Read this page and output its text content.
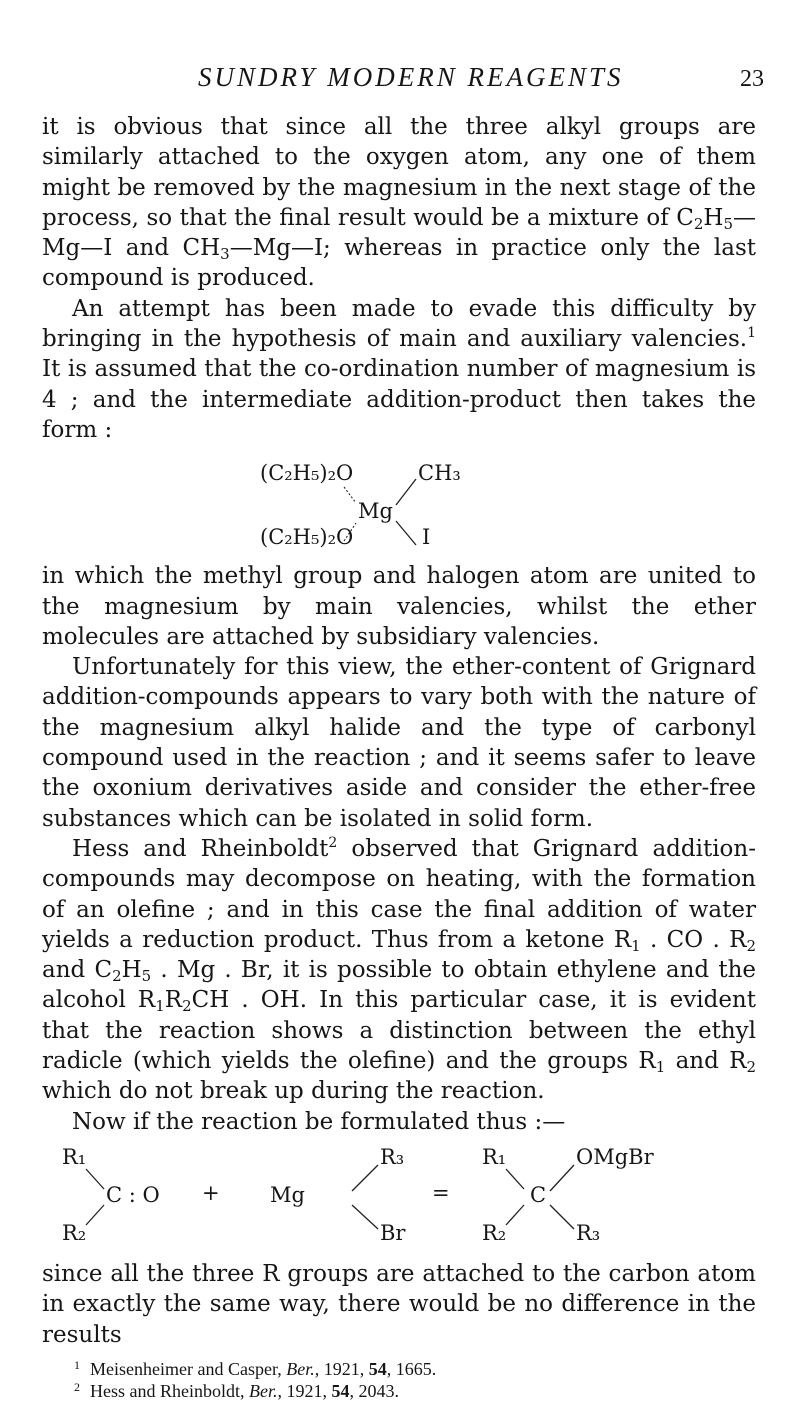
SUNDRY MODERN REAGENTS	23

it is obvious that since all the three alkyl groups are similarly attached to the oxygen atom, any one of them might be removed by the magnesium in the next stage of the process, so that the final result would be a mixture of $C_2H_5—Mg—I$ and $CH_3—Mg—I$; whereas in practice only the last compound is produced.

An attempt has been made to evade this difficulty by bringing in the hypothesis of main and auxiliary valencies.$^1$ It is assumed that the co-ordination number of magnesium is 4 ; and the intermediate addition-product then takes the form :

(C₂H₅)₂O
(C₂H₅)₂O
Mg
CH₃
I

in which the methyl group and halogen atom are united to the magnesium by main valencies, whilst the ether molecules are attached by subsidiary valencies.

Unfortunately for this view, the ether-content of Grignard addition-compounds appears to vary both with the nature of the magnesium alkyl halide and the type of carbonyl compound used in the reaction ; and it seems safer to leave the oxonium derivatives aside and consider the ether-free substances which can be isolated in solid form.

Hess and Rheinboldt$^2$ observed that Grignard addition-compounds may decompose on heating, with the formation of an olefine ; and in this case the final addition of water yields a reduction product. Thus from a ketone $R_1$ . CO . $R_2$ and $C_2H_5$ . Mg . Br, it is possible to obtain ethylene and the alcohol $R_1R_2CH$ . OH. In this particular case, it is evident that the reaction shows a distinction between the ethyl radicle (which yields the olefine) and the groups $R_1$ and $R_2$ which do not break up during the reaction.

Now if the reaction be formulated thus :—

R₁
R₂
C : O + Mg
R₃
Br
=
R₁
R₂
C
OMgBr
R₃

since all the three R groups are attached to the carbon atom in exactly the same way, there would be no difference in the results

$^1$ Meisenheimer and Casper, Ber., 1921, 54, 1665.

$^2$ Hess and Rheinboldt, Ber., 1921, 54, 2043.
